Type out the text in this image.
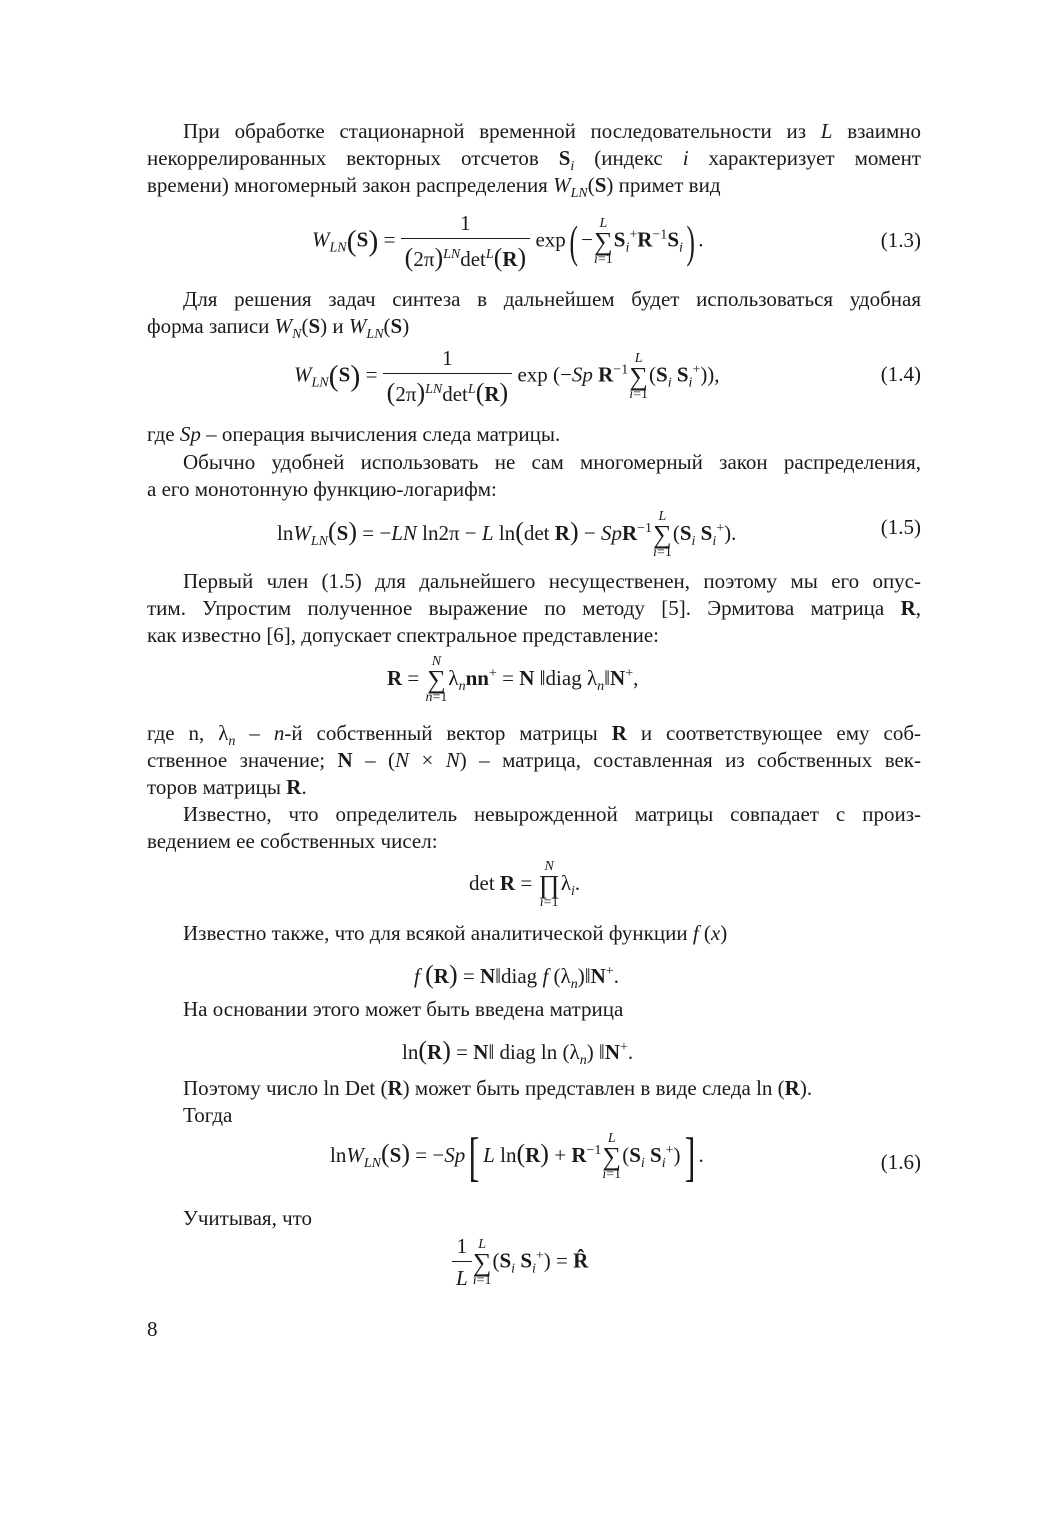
При обработке стационарной временной последовательности из L взаимно
некоррелированных векторных отсчетов $S_i$ (индекс i характеризует момент
времени) многомерный закон распределения $W_{LN}(S)$ примет вид
$W_{LN}(S) = \frac{1}{(2\pi)^{LN}\det^L(R)} \exp$( −
L
∑
i=1
$S_i^+R^{-1}S_i$) .	(1.3)
Для решения задач синтеза в дальнейшем будет использоваться удобная
форма записи $W_N(S)$ и $W_{LN}(S)$
$W_{LN}(S) = \frac{1}{(2\pi)^{LN}\det^L(R)}$ exp (−Sp $R^{-1}$
L
∑
i=1
($S_i$ $S_i^+$)),	(1.4)
где Sp – операция вычисления следа матрицы.
Обычно удобней использовать не сам многомерный закон распределения,
а его монотонную функцию-логарифм:
lnW$_{LN}$(S) = −LN ln2π − L ln(det R) − SpR$^{-1}$
L
∑
i=1
($S_i$ $S_i^+$).	(1.5)
Первый член (1.5) для дальнейшего несущественен, поэтому мы его опус-
тим. Упростим полученное выражение по методу [5]. Эрмитова матрица R,
как известно [6], допускает спектральное представление:
R =
N
∑
n=1
$\lambda_nnn^+ = N$ ‖diag $\lambda_n‖N^+$,
где n, $\lambda_n - n-й$ собственный вектор матрицы R и соответствующее ему соб-
ственное значение; N – (N × N) – матрица, составленная из собственных век-
торов матрицы R.
Известно, что определитель невырожденной матрицы совпадает с произ-
ведением ее собственных чисел:
det R =
N
∏
i=1
$\lambda_i$.
Известно также, что для всякой аналитической функции f (x)
f (R) = N‖diag f $(\lambda_n)‖N^+$.
На основании этого может быть введена матрица
ln(R) = N‖ diag $\ln (\lambda_n)$ ‖N+.
Поэтому число ln Det (R) может быть представлен в виде следа ln (R).
Тогда
lnW$_{LN}$(S) = −Sp[ L $\ln(R) + R^{-1}$
L
∑
i=1
($S_i$ $S_i^+$)] .	(1.6)
Учитывая, что
$\frac{1}{L}$ L
∑
i=1
($S_i$ $S_i^+$) = R̂
8
